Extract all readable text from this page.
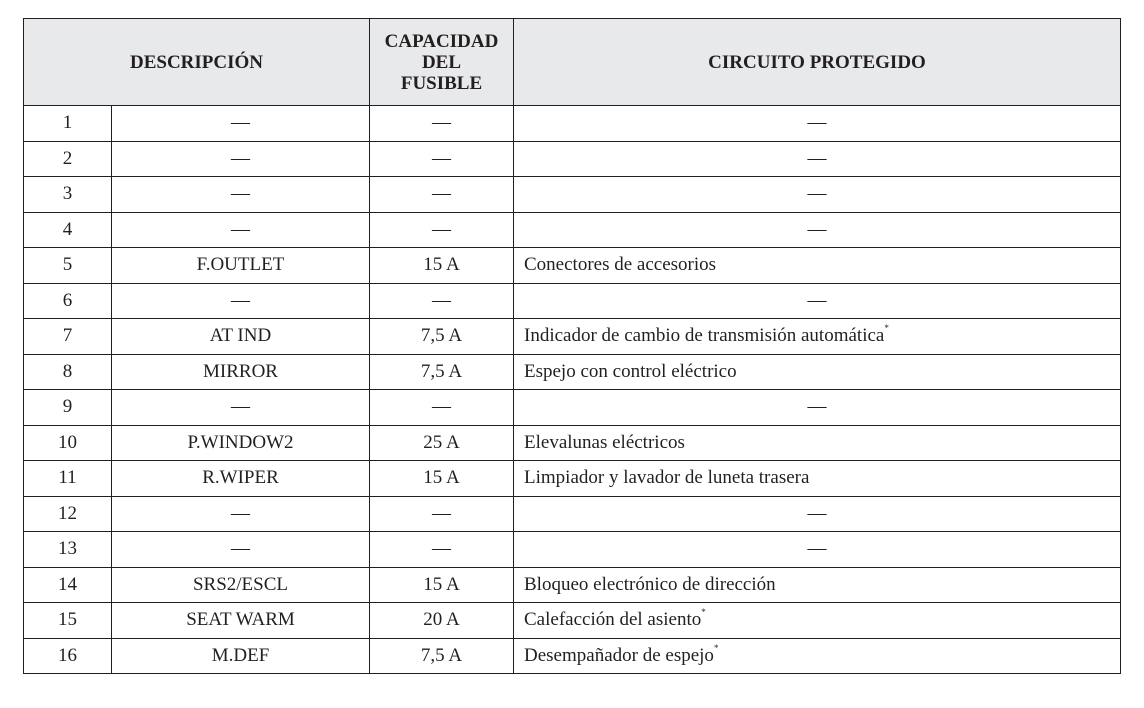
DESCRIPCIÓN		CAPACIDAD
DEL
FUSIBLE	CIRCUITO PROTEGIDO
1	—	—	—
2	—	—	—
3	—	—	—
4	—	—	—
5	F.OUTLET	15 A	Conectores de accesorios
6	—	—	—
7	AT IND	7,5 A	Indicador de cambio de transmisión automática*
8	MIRROR	7,5 A	Espejo con control eléctrico
9	—	—	—
10	P.WINDOW2	25 A	Elevalunas eléctricos
11	R.WIPER	15 A	Limpiador y lavador de luneta trasera
12	—	—	—
13	—	—	—
14	SRS2/ESCL	15 A	Bloqueo electrónico de dirección
15	SEAT WARM	20 A	Calefacción del asiento*
16	M.DEF	7,5 A	Desempañador de espejo*
